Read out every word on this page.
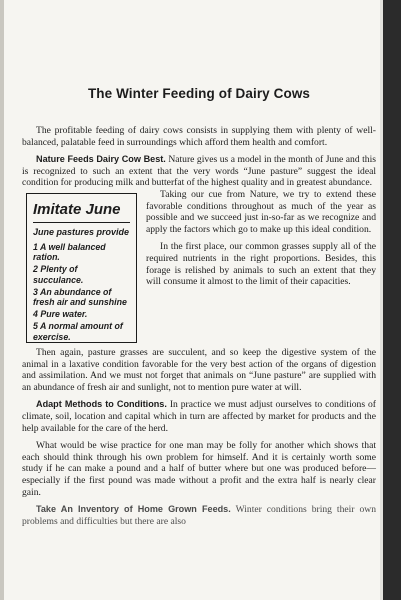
The Winter Feeding of Dairy Cows

The profitable feeding of dairy cows consists in supplying them with plenty of well-balanced, palatable feed in surroundings which afford them health and comfort.

Nature Feeds Dairy Cow Best. Nature gives us a model in the month of June and this is recognized to such an extent that the very words “June pasture” suggest the ideal condition for producing milk and butterfat of the highest quality and in greatest abundance.

Imitate June
June pastures provide
1 A well balanced ration.
2 Plenty of succulance.
3 An abundance of fresh air and sunshine
4 Pure water.
5 A normal amount of exercise.

Taking our cue from Nature, we try to extend these favorable conditions throughout as much of the year as possible and we succeed just in-so-far as we recognize and apply the factors which go to make up this ideal condition.

In the first place, our common grasses supply all of the required nutrients in the right proportions. Besides, this forage is relished by animals to such an extent that they will consume it almost to the limit of their capacities.

Then again, pasture grasses are succulent, and so keep the digestive system of the animal in a laxative condition favorable for the very best action of the organs of digestion and assimilation. And we must not forget that animals on “June pasture” are supplied with an abundance of fresh air and sunlight, not to mention pure water at will.

Adapt Methods to Conditions. In practice we must adjust ourselves to conditions of climate, soil, location and capital which in turn are affected by market for products and the help available for the care of the herd.

What would be wise practice for one man may be folly for another which shows that each should think through his own problem for himself. And it is certainly worth some study if he can make a pound and a half of butter where but one was produced before—especially if the first pound was made without a profit and the extra half is nearly clear gain.

Take An Inventory of Home Grown Feeds. Winter conditions bring their own problems and difficulties but there are also
